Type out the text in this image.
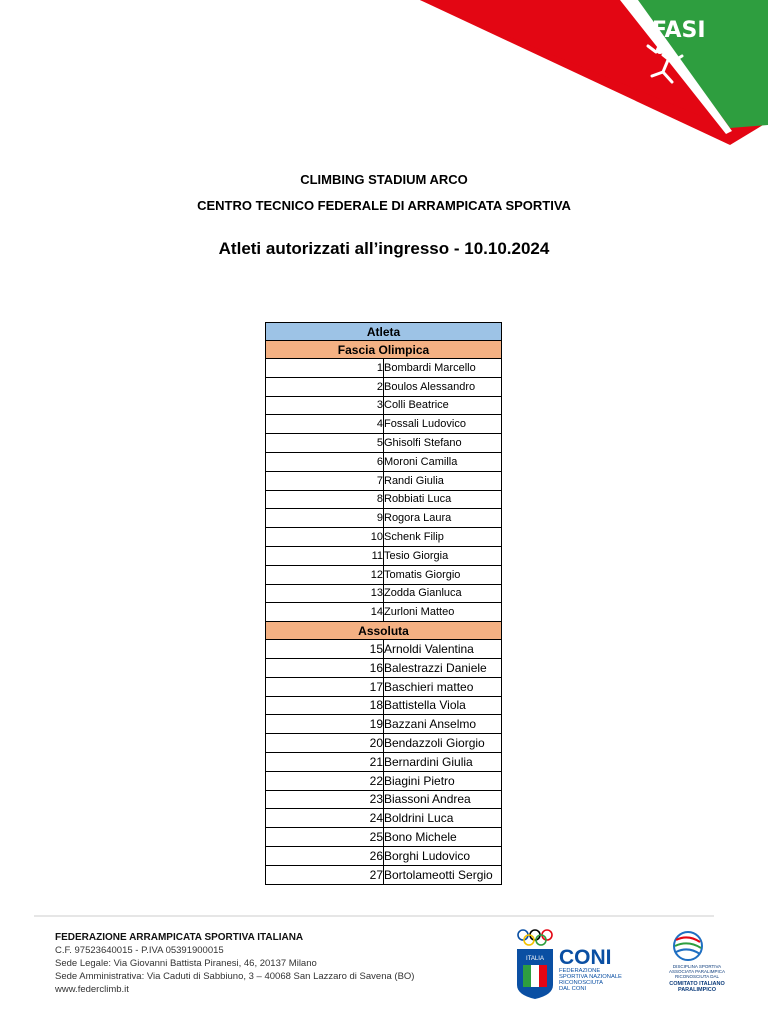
FASI

CLIMBING STADIUM ARCO

CENTRO TECNICO FEDERALE DI ARRAMPICATA SPORTIVA

Atleti autorizzati all’ingresso - 10.10.2024

Atleta	
Fascia Olimpica	
1	Bombardi Marcello
2	Boulos Alessandro
3	Colli Beatrice
4	Fossali Ludovico
5	Ghisolfi Stefano
6	Moroni Camilla
7	Randi Giulia
8	Robbiati Luca
9	Rogora Laura
10	Schenk Filip
11	Tesio Giorgia
12	Tomatis Giorgio
13	Zodda Gianluca
14	Zurloni Matteo
Assoluta	
15	Arnoldi Valentina
16	Balestrazzi Daniele
17	Baschieri matteo
18	Battistella Viola
19	Bazzani Anselmo
20	Bendazzoli Giorgio
21	Bernardini Giulia
22	Biagini Pietro
23	Biassoni Andrea
24	Boldrini Luca
25	Bono Michele
26	Borghi Ludovico
27	Bortolameotti Sergio
FEDERAZIONE ARRAMPICATA SPORTIVA ITALIANA
C.F. 97523640015 - P.IVA 05391900015
Sede Legale: Via Giovanni Battista Piranesi, 46, 20137 Milano
Sede Amministrativa: Via Caduti di Sabbiuno, 3 – 40068 San Lazzaro di Savena (BO)
www.federclimb.it
ITALIA CONI
FEDERAZIONE
SPORTIVA NAZIONALE
RICONOSCIUTA
DAL CONI
DISCIPLINA SPORTIVA
ASSOCIATA PARALIMPICA
RICONOSCIUTA DAL
COMITATO ITALIANO
PARALIMPICO
